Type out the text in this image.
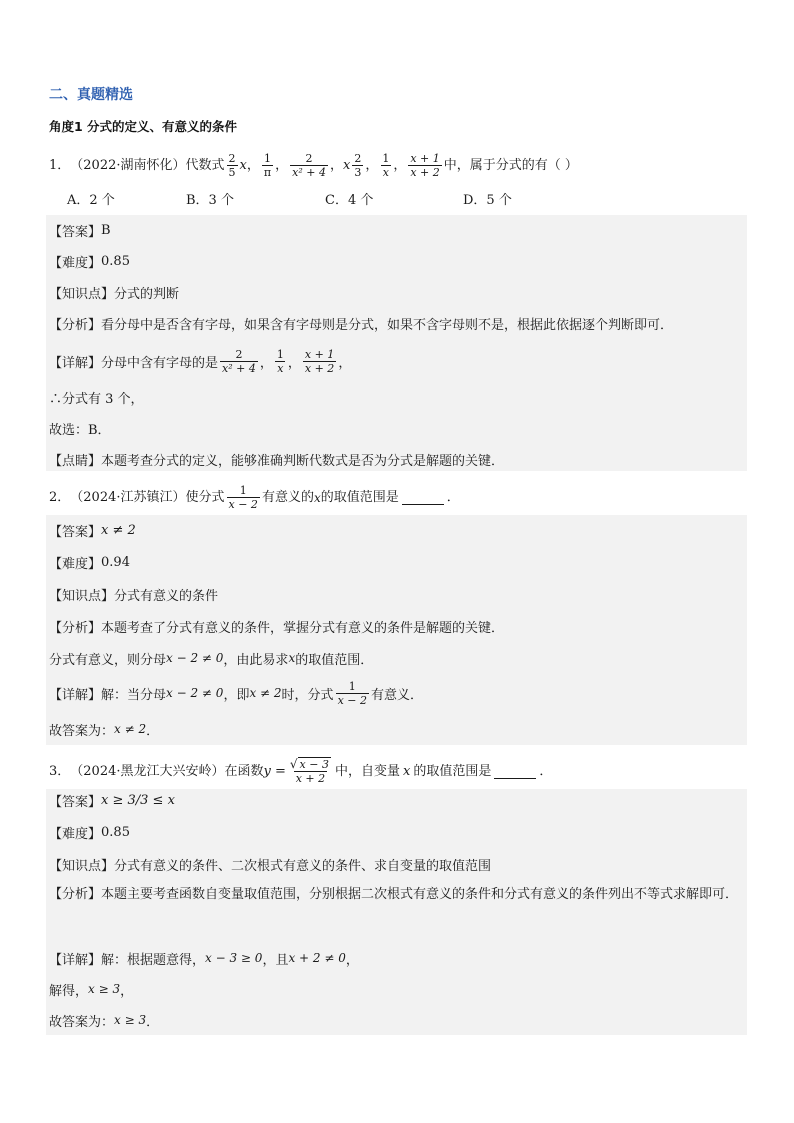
二、真题精选
角度1 分式的定义、有意义的条件
1． （2022·湖南怀化） 代数式 $\frac{2}{5}$ x ， $\frac{1}{\pi}$ ， $\frac{2}{\text{x² + 4}}$ ， x $\frac{2}{3}$ ， $\frac{1}{x}$ ， $\frac{x + 1}{x + 2}$ 中，属于分式的有（ ）
A．2 个	B．3 个	C．4 个	D．5 个
【答案】 B
【难度】 0.85
【知识点】 分式的判断
【分析】 看分母中是否含有字母，如果含有字母则是分式，如果不含字母则不是，根据此依据逐个判断即可．
【详解】 分母中含有字母的是 $\frac{2}{\text{x² + 4}}$ ， $\frac{1}{x}$ ， $\frac{x + 1}{x + 2}$ ，
∴分式有 3 个，
故选：B．
【点睛】 本题考查分式的定义，能够准确判断代数式是否为分式是解题的关键．
2． （2024·江苏镇江） 使分式 $\frac{1}{x - 2}$ 有意义的 x 的取值范围是	．
【答案】 x ≠ 2
【难度】 0.94
【知识点】 分式有意义的条件
【分析】 本题考查了分式有意义的条件，掌握分式有意义的条件是解题的关键．
分式有意义，则分母 x − 2 ≠ 0 ，由此易求 x 的取值范围．
【详解】 解：当分母 x − 2 ≠ 0 ，即 x ≠ 2 时，分式 $\frac{1}{x - 2}$ 有意义．
故答案为： x ≠ 2 ．
3． （2024·黑龙江大兴安岭） 在函数 $y = \frac{√ x - 3}{x + 2}$ 中，自变量 x 的取值范围是	．
【答案】 x ≥ 3/3 ≤ x
【难度】 0.85
【知识点】 分式有意义的条件、二次根式有意义的条件、求自变量的取值范围
【分析】本题主要考查函数自变量取值范围，分别根据二次根式有意义的条件和分式有意义的条件列出不等式求解即可．
【详解】 解：根据题意得， x − 3 ≥ 0 ，且 x + 2 ≠ 0 ，
解得， x ≥ 3 ，
故答案为： x ≥ 3 ．
